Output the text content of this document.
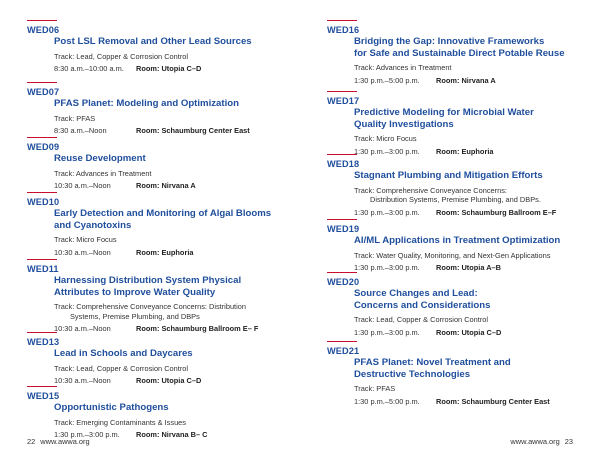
WED06
Post LSL Removal and Other Lead Sources
Track: Lead, Copper & Corrosion Control
8:30 a.m.–10:00 a.m. Room: Utopia C–D
WED07
PFAS Planet: Modeling and Optimization
Track: PFAS
8:30 a.m.–Noon	Room: Schaumburg Center East
WED09
Reuse Development
Track: Advances in Treatment
10:30 a.m.–Noon	Room: Nirvana A
WED10
Early Detection and Monitoring of Algal Blooms
and Cyanotoxins
Track: Micro Focus
10:30 a.m.–Noon	Room: Euphoria
WED11
Harnessing Distribution System Physical
Attributes to Improve Water Quality
Track: Comprehensive Conveyance Concerns: Distribution
Systems, Premise Plumbing, and DBPs
10:30 a.m.–Noon	Room: Schaumburg Ballroom E– F
WED13
Lead in Schools and Daycares
Track: Lead, Copper & Corrosion Control
10:30 a.m.–Noon	Room: Utopia C–D
WED15
Opportunistic Pathogens
Track: Emerging Contaminants & Issues
1:30 p.m.–3:00 p.m. Room: Nirvana B– C
WED16
Bridging the Gap: Innovative Frameworks
for Safe and Sustainable Direct Potable Reuse
Track: Advances in Treatment
1:30 p.m.–5:00 p.m. Room: Nirvana A
WED17
Predictive Modeling for Microbial Water
Quality Investigations
Track: Micro Focus
1:30 p.m.–3:00 p.m. Room: Euphoria
WED18
Stagnant Plumbing and Mitigation Efforts
Track: Comprehensive Conveyance Concerns:
Distribution Systems, Premise Plumbing, and DBPs.
1:30 p.m.–3:00 p.m. Room: Schaumburg Ballroom E–F
WED19
AI/ML Applications in Treatment Optimization
Track: Water Quality, Monitoring, and Next-Gen Applications
1:30 p.m.–3:00 p.m. Room: Utopia A–B
WED20
Source Changes and Lead:
Concerns and Considerations
Track: Lead, Copper & Corrosion Control
1:30 p.m.–3:00 p.m. Room: Utopia C–D
WED21
PFAS Planet: Novel Treatment and
Destructive Technologies
Track: PFAS
1:30 p.m.–5:00 p.m. Room: Schaumburg Center East
22 www.awwa.org	www.awwa.org 23
